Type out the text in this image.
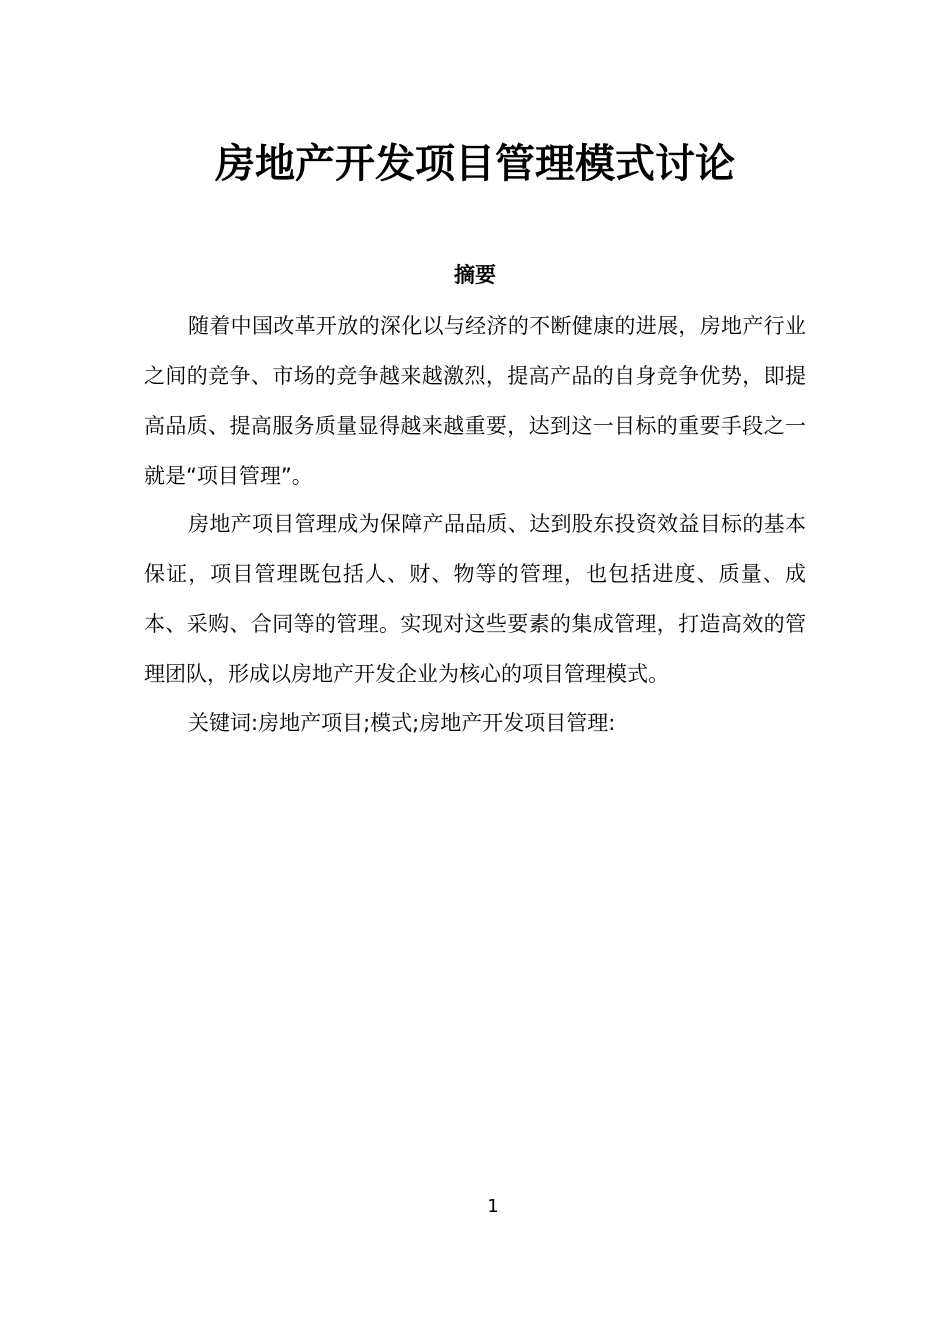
房地产开发项目管理模式讨论
摘要

随着中国改革开放的深化以与经济的不断健康的进展，房地产行业之间的竞争、市场的竞争越来越激烈，提高产品的自身竞争优势，即提高品质、提高服务质量显得越来越重要，达到这一目标的重要手段之一就是“项目管理”。

房地产项目管理成为保障产品品质、达到股东投资效益目标的基本保证，项目管理既包括人、财、物等的管理，也包括进度、质量、成本、采购、合同等的管理。实现对这些要素的集成管理，打造高效的管理团队，形成以房地产开发企业为核心的项目管理模式。

关键词:房地产项目;模式;房地产开发项目管理:

1
